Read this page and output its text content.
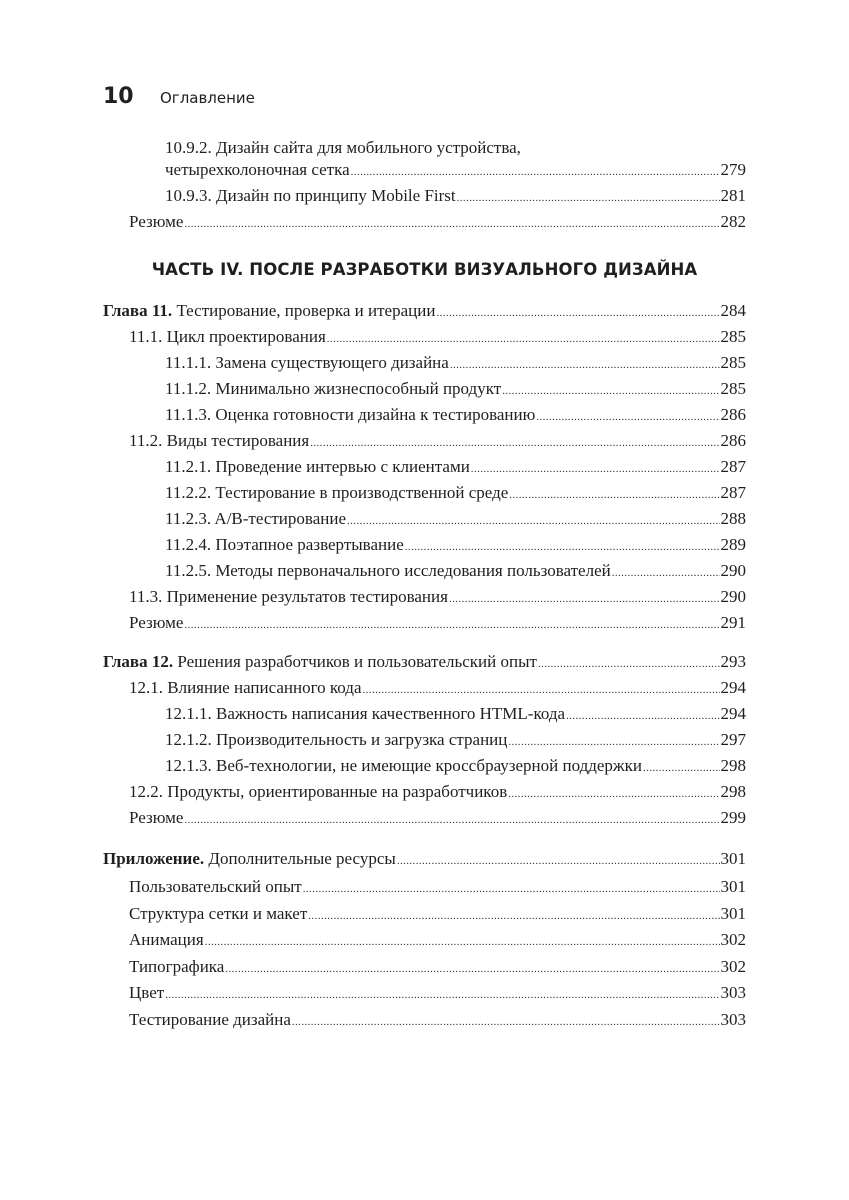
10	Оглавление
10.9.2. Дизайн сайта для мобильного устройства,
четырехколоночная сетка .....	279
10.9.3. Дизайн по принципу Mobile First .....	281
Резюме .....	282
ЧАСТЬ IV. ПОСЛЕ РАЗРАБОТКИ ВИЗУАЛЬНОГО ДИЗАЙНА
Глава 11. Тестирование, проверка и итерации .....	284
11.1. Цикл проектирования .....	285
11.1.1. Замена существующего дизайна .....	285
11.1.2. Минимально жизнеспособный продукт .....	285
11.1.3. Оценка готовности дизайна к тестированию .....	286
11.2. Виды тестирования .....	286
11.2.1. Проведение интервью с клиентами .....	287
11.2.2. Тестирование в производственной среде .....	287
11.2.3. A/B-тестирование .....	288
11.2.4. Поэтапное развертывание .....	289
11.2.5. Методы первоначального исследования пользователей .....	290
11.3. Применение результатов тестирования .....	290
Резюме .....	291
Глава 12. Решения разработчиков и пользовательский опыт .....	293
12.1. Влияние написанного кода .....	294
12.1.1. Важность написания качественного HTML-кода .....	294
12.1.2. Производительность и загрузка страниц .....	297
12.1.3. Веб-технологии, не имеющие кроссбраузерной поддержки .....	298
12.2. Продукты, ориентированные на разработчиков .....	298
Резюме .....	299
Приложение. Дополнительные ресурсы .....	301
Пользовательский опыт .....	301
Структура сетки и макет .....	301
Анимация .....	302
Типографика .....	302
Цвет .....	303
Тестирование дизайна .....	303
